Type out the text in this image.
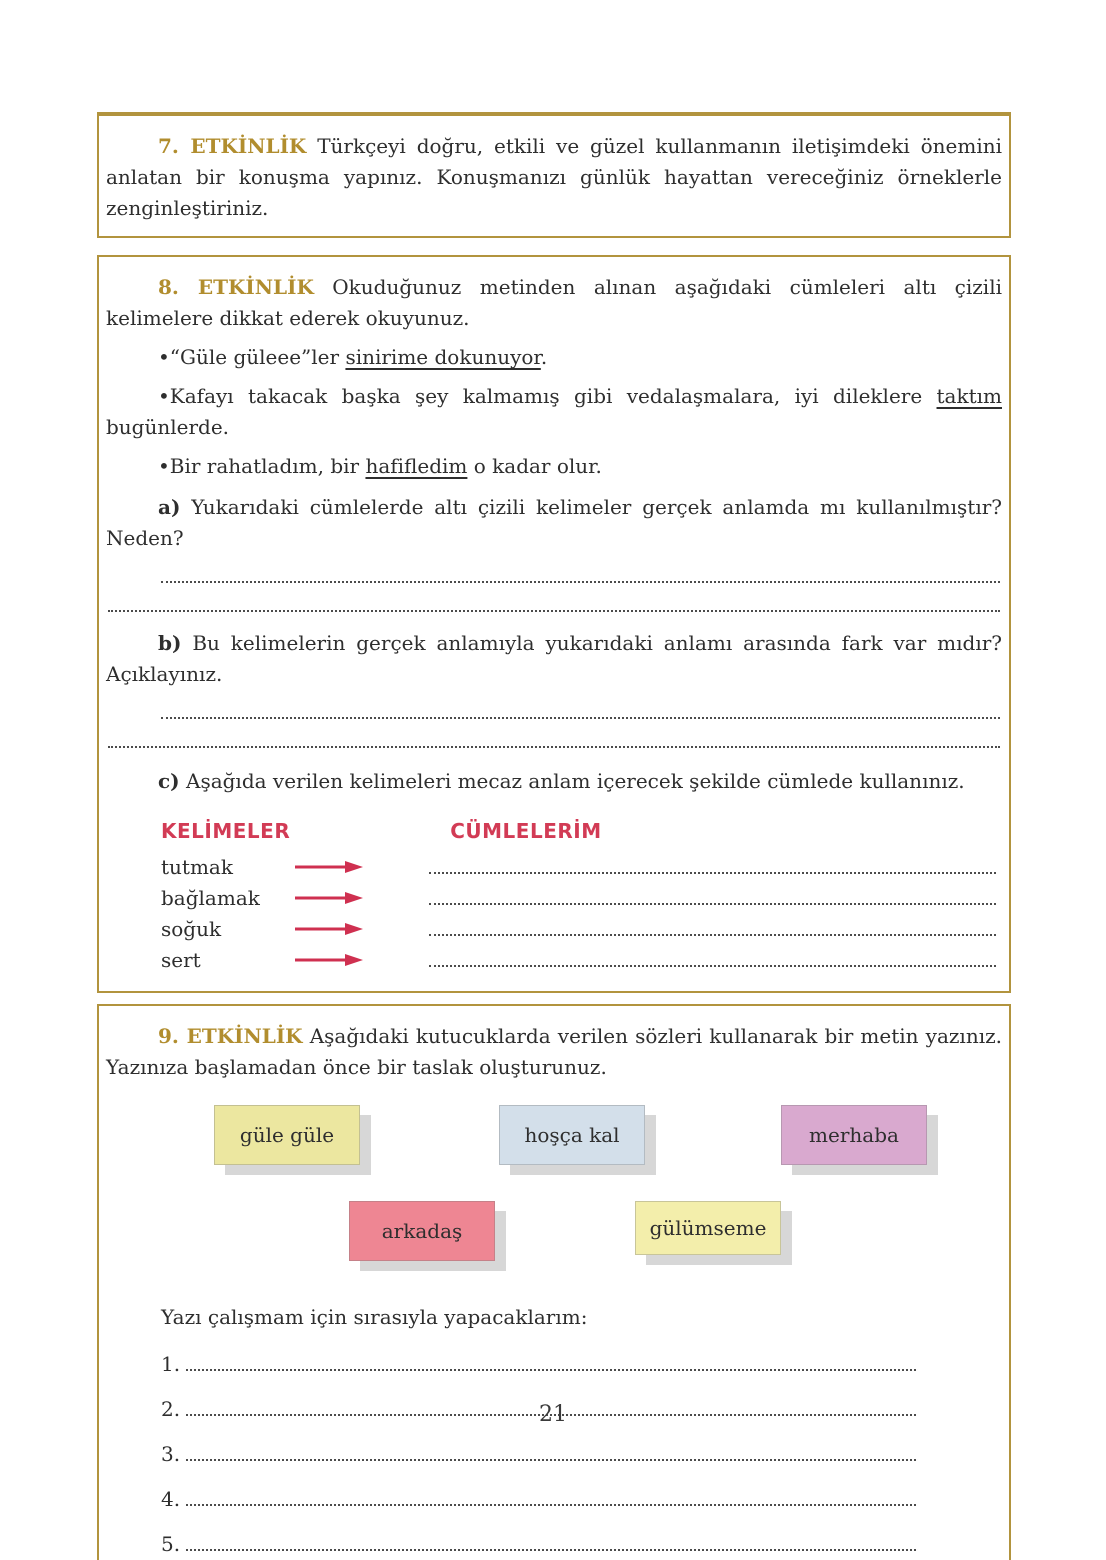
7. ETKİNLİK Türkçeyi doğru, etkili ve güzel kullanmanın iletişimdeki önemini anlatan bir konuşma yapınız. Konuşmanızı günlük hayattan vereceğiniz örneklerle zenginleştiriniz.

8. ETKİNLİK Okuduğunuz metinden alınan aşağıdaki cümleleri altı çizili kelimelere dikkat ederek okuyunuz.

•“Güle güleee”ler sinirime dokunuyor.

•Kafayı takacak başka şey kalmamış gibi vedalaşmalara, iyi dileklere taktım bugünlerde.

•Bir rahatladım, bir hafifledim o kadar olur.

a) Yukarıdaki cümlelerde altı çizili kelimeler gerçek anlamda mı kullanılmıştır? Neden?

b) Bu kelimelerin gerçek anlamıyla yukarıdaki anlamı arasında fark var mıdır? Açıklayınız.

c) Aşağıda verilen kelimeleri mecaz anlam içerecek şekilde cümlede kullanınız.

KELİMELER	CÜMLELERİM
tutmak
bağlamak
soğuk
sert

9. ETKİNLİK Aşağıdaki kutucuklarda verilen sözleri kullanarak bir metin yazınız. Yazınıza başlamadan önce bir taslak oluşturunuz.

güle güle	hoşça kal	merhaba
arkadaş	gülümseme

Yazı çalışmam için sırasıyla yapacaklarım:

1.
2.
3.
4.
5.
21
